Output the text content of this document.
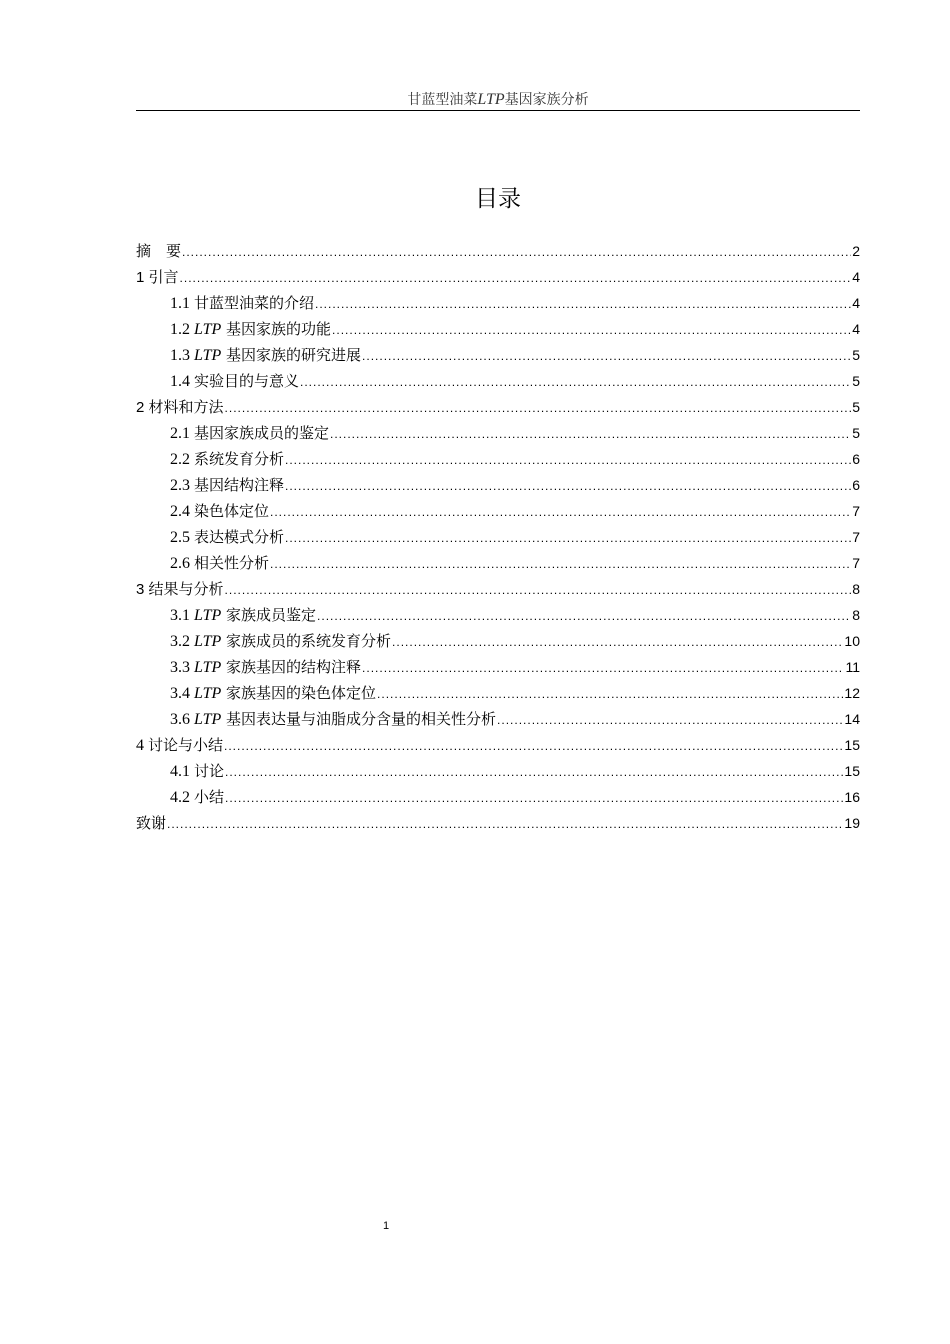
甘蓝型油菜LTP基因家族分析
目录
摘　要 .....	2
1 引言 .....	4
1.1 甘蓝型油菜的介绍 .....	4
1.2 LTP 基因家族的功能 .....	4
1.3 LTP 基因家族的研究进展 .....	5
1.4 实验目的与意义 .....	5
2 材料和方法 .....	5
2.1 基因家族成员的鉴定 .....	5
2.2 系统发育分析 .....	6
2.3 基因结构注释 .....	6
2.4 染色体定位 .....	7
2.5 表达模式分析 .....	7
2.6 相关性分析 .....	7
3 结果与分析 .....	8
3.1 LTP 家族成员鉴定 .....	8
3.2 LTP 家族成员的系统发育分析 .....	10
3.3 LTP 家族基因的结构注释 .....	11
3.4 LTP 家族基因的染色体定位 .....	12
3.6 LTP 基因表达量与油脂成分含量的相关性分析 .....	14
4 讨论与小结 .....	15
4.1 讨论 .....	15
4.2 小结 .....	16
致谢 .....	19
1
